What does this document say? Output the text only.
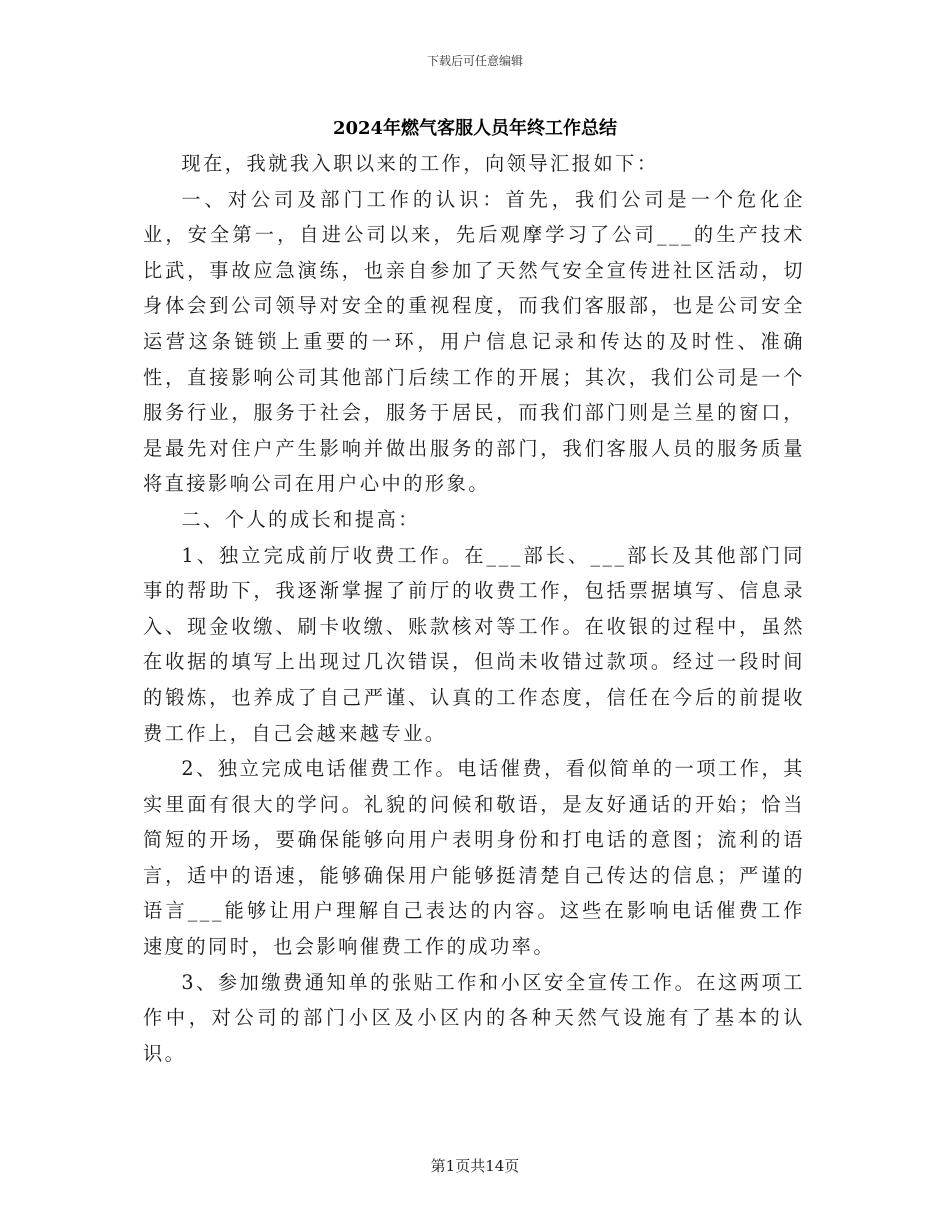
下载后可任意编辑
2024年燃气客服人员年终工作总结

现在，我就我入职以来的工作，向领导汇报如下：

一、对公司及部门工作的认识：首先，我们公司是一个危化企业，安全第一，自进公司以来，先后观摩学习了公司___的生产技术比武，事故应急演练，也亲自参加了天然气安全宣传进社区活动，切身体会到公司领导对安全的重视程度，而我们客服部，也是公司安全运营这条链锁上重要的一环，用户信息记录和传达的及时性、准确性，直接影响公司其他部门后续工作的开展；其次，我们公司是一个服务行业，服务于社会，服务于居民，而我们部门则是兰星的窗口，是最先对住户产生影响并做出服务的部门，我们客服人员的服务质量将直接影响公司在用户心中的形象。

二、个人的成长和提高：

1、独立完成前厅收费工作。在___部长、___部长及其他部门同事的帮助下，我逐渐掌握了前厅的收费工作，包括票据填写、信息录入、现金收缴、刷卡收缴、账款核对等工作。在收银的过程中，虽然在收据的填写上出现过几次错误，但尚未收错过款项。经过一段时间的锻炼，也养成了自己严谨、认真的工作态度，信任在今后的前提收费工作上，自己会越来越专业。

2、独立完成电话催费工作。电话催费，看似简单的一项工作，其实里面有很大的学问。礼貌的问候和敬语，是友好通话的开始；恰当简短的开场，要确保能够向用户表明身份和打电话的意图；流利的语言，适中的语速，能够确保用户能够挺清楚自己传达的信息；严谨的语言___能够让用户理解自己表达的内容。这些在影响电话催费工作速度的同时，也会影响催费工作的成功率。

3、参加缴费通知单的张贴工作和小区安全宣传工作。在这两项工作中，对公司的部门小区及小区内的各种天然气设施有了基本的认识。

第1页共14页
